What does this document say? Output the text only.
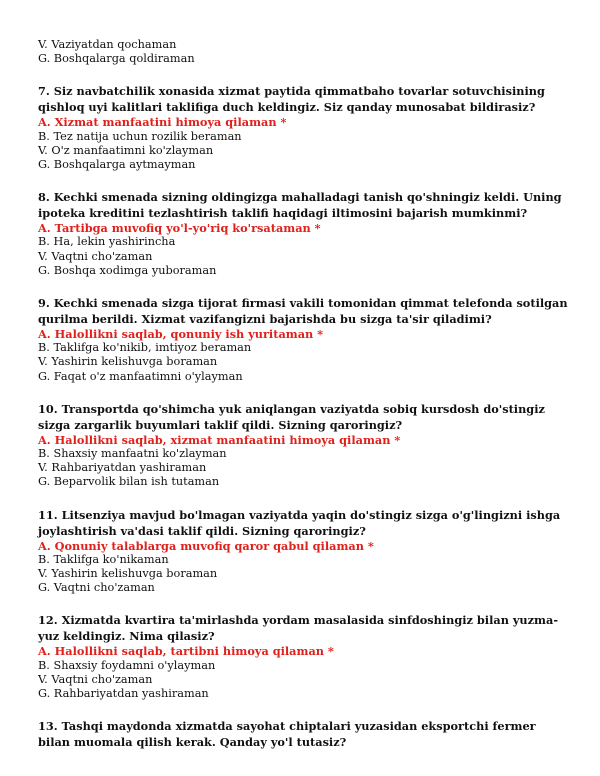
V. Vaziyatdan qochaman

G. Boshqalarga qoldiraman

7. Siz navbatchilik xonasida xizmat paytida qimmatbaho tovarlar sotuvchisining qishloq uyi kalitlari taklifiga duch keldingiz. Siz qanday munosabat bildirasiz?

A. Xizmat manfaatini himoya qilaman *

B. Tez natija uchun rozilik beraman

V. O'z manfaatimni ko'zlayman

G. Boshqalarga aytmayman

8. Kechki smenada sizning oldingizga mahalladagi tanish qo'shningiz keldi. Uning ipoteka kreditini tezlashtirish taklifi haqidagi iltimosini bajarish mumkinmi?

A. Tartibga muvofiq yo'l-yo'riq ko'rsataman *

B. Ha, lekin yashirincha

V. Vaqtni cho'zaman

G. Boshqa xodimga yuboraman

9. Kechki smenada sizga tijorat firmasi vakili tomonidan qimmat telefonda sotilgan qurilma berildi. Xizmat vazifangizni bajarishda bu sizga ta'sir qiladimi?

A. Halollikni saqlab, qonuniy ish yuritaman *

B. Taklifga ko'nikib, imtiyoz beraman

V. Yashirin kelishuvga boraman

G. Faqat o'z manfaatimni o'ylayman

10. Transportda qo'shimcha yuk aniqlangan vaziyatda sobiq kursdosh do'stingiz sizga zargarlik buyumlari taklif qildi. Sizning qaroringiz?

A. Halollikni saqlab, xizmat manfaatini himoya qilaman *

B. Shaxsiy manfaatni ko'zlayman

V. Rahbariyatdan yashiraman

G. Beparvolik bilan ish tutaman

11. Litsenziya mavjud bo'lmagan vaziyatda yaqin do'stingiz sizga o'g'lingizni ishga joylashtirish va'dasi taklif qildi. Sizning qaroringiz?

A. Qonuniy talablarga muvofiq qaror qabul qilaman *

B. Taklifga ko'nikaman

V. Yashirin kelishuvga boraman

G. Vaqtni cho'zaman

12. Xizmatda kvartira ta'mirlashda yordam masalasida sinfdoshingiz bilan yuzma-yuz keldingiz. Nima qilasiz?

A. Halollikni saqlab, tartibni himoya qilaman *

B. Shaxsiy foydamni o'ylayman

V. Vaqtni cho'zaman

G. Rahbariyatdan yashiraman

13. Tashqi maydonda xizmatda sayohat chiptalari yuzasidan eksportchi fermer bilan muomala qilish kerak. Qanday yo'l tutasiz?
